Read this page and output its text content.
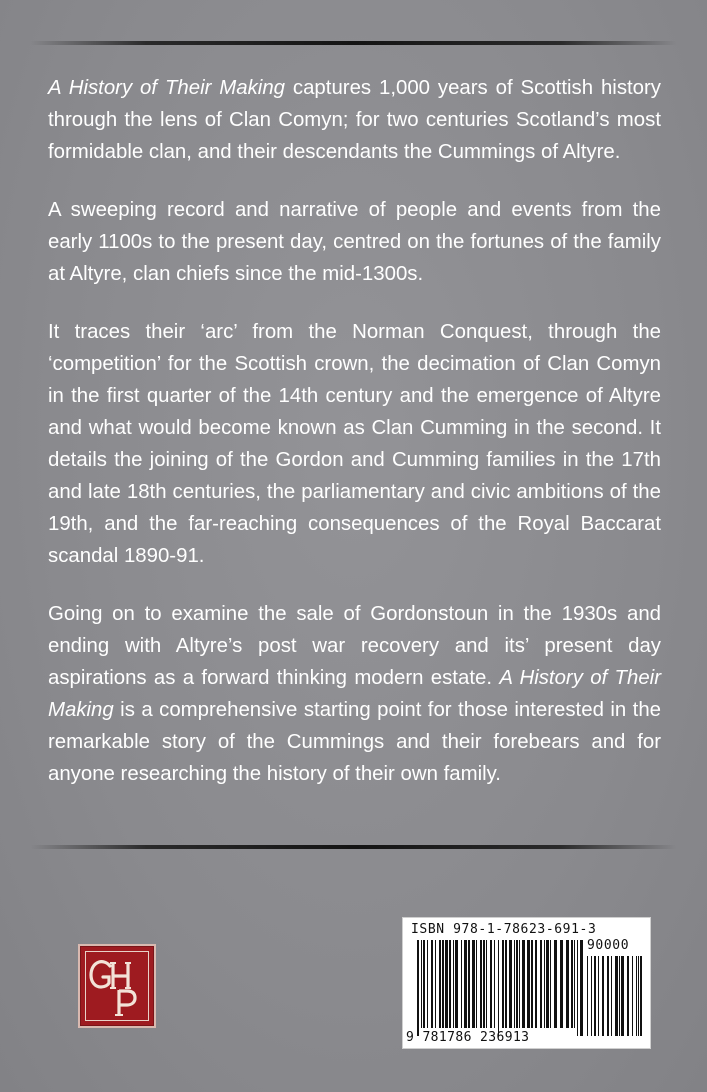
A History of Their Making captures 1,000 years of Scottish history through the lens of Clan Comyn; for two centuries Scotland’s most formidable clan, and their descendants the Cummings of Altyre.

A sweeping record and narrative of people and events from the early 1100s to the present day, centred on the fortunes of the family at Altyre, clan chiefs since the mid-1300s.

It traces their ‘arc’ from the Norman Conquest, through the ‘competition’ for the Scottish crown, the decimation of Clan Comyn in the first quarter of the 14th century and the emergence of Altyre and what would become known as Clan Cumming in the second. It details the joining of the Gordon and Cumming families in the 17th and late 18th centuries, the parliamentary and civic ambitions of the 19th, and the far-reaching consequences of the Royal Baccarat scandal 1890-91.

Going on to examine the sale of Gordonstoun in the 1930s and ending with Altyre’s post war recovery and its’ present day aspirations as a forward thinking modern estate. A History of Their Making is a comprehensive starting point for those interested in the remarkable story of the Cummings and their forebears and for anyone researching the history of their own family.

ISBN 978-1-78623-691-3
90000
9 781786 236913
